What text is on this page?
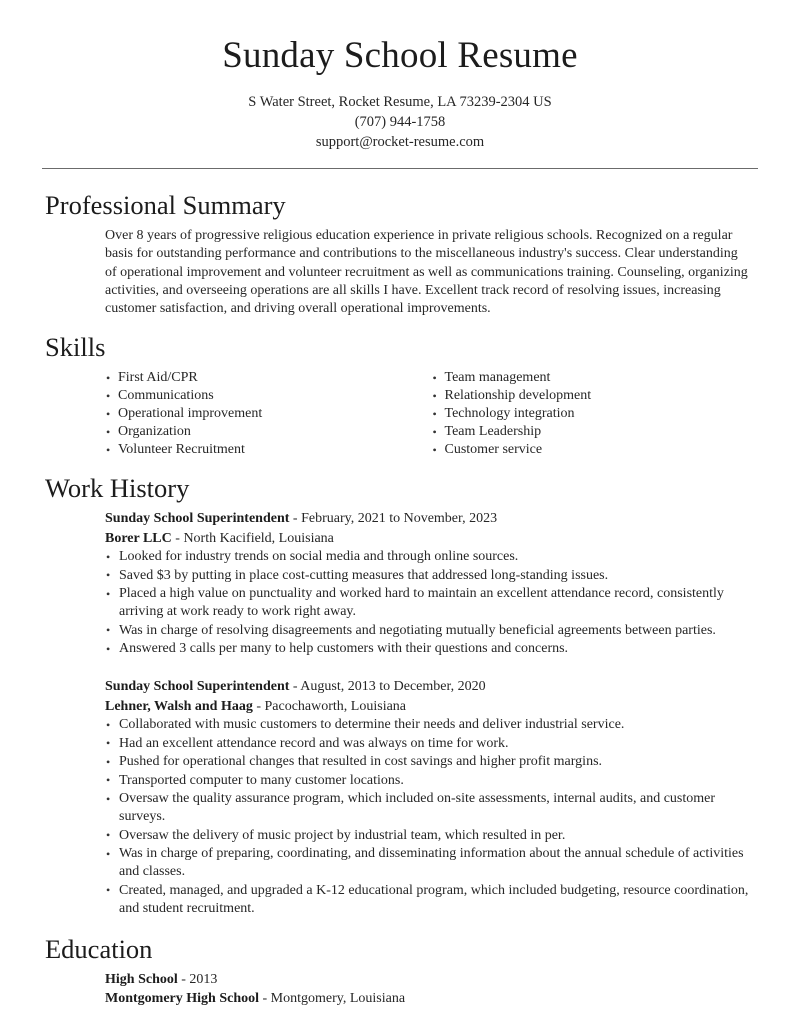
Sunday School Resume

S Water Street, Rocket Resume, LA 73239-2304 US

(707) 944-1758

support@rocket-resume.com

Professional Summary

Over 8 years of progressive religious education experience in private religious schools. Recognized on a regular basis for outstanding performance and contributions to the miscellaneous industry's success. Clear understanding of operational improvement and volunteer recruitment as well as communications training. Counseling, organizing activities, and overseeing operations are all skills I have. Excellent track record of resolving issues, increasing customer satisfaction, and driving overall operational improvements.

Skills
• First Aid/CPR
• Communications
• Operational improvement
• Organization
• Volunteer Recruitment
• Team management
• Relationship development
• Technology integration
• Team Leadership
• Customer service
Work History

Sunday School Superintendent - February, 2021 to November, 2023

Borer LLC - North Kacifield, Louisiana

• Looked for industry trends on social media and through online sources.
• Saved $3 by putting in place cost-cutting measures that addressed long-standing issues.
• Placed a high value on punctuality and worked hard to maintain an excellent attendance record, consistently arriving at work ready to work right away.
• Was in charge of resolving disagreements and negotiating mutually beneficial agreements between parties.
• Answered 3 calls per many to help customers with their questions and concerns.

Sunday School Superintendent - August, 2013 to December, 2020

Lehner, Walsh and Haag - Pacochaworth, Louisiana

• Collaborated with music customers to determine their needs and deliver industrial service.
• Had an excellent attendance record and was always on time for work.
• Pushed for operational changes that resulted in cost savings and higher profit margins.
• Transported computer to many customer locations.
• Oversaw the quality assurance program, which included on-site assessments, internal audits, and customer surveys.
• Oversaw the delivery of music project by industrial team, which resulted in per.
• Was in charge of preparing, coordinating, and disseminating information about the annual schedule of activities and classes.
• Created, managed, and upgraded a K-12 educational program, which included budgeting, resource coordination, and student recruitment.
Education

High School - 2013

Montgomery High School - Montgomery, Louisiana
